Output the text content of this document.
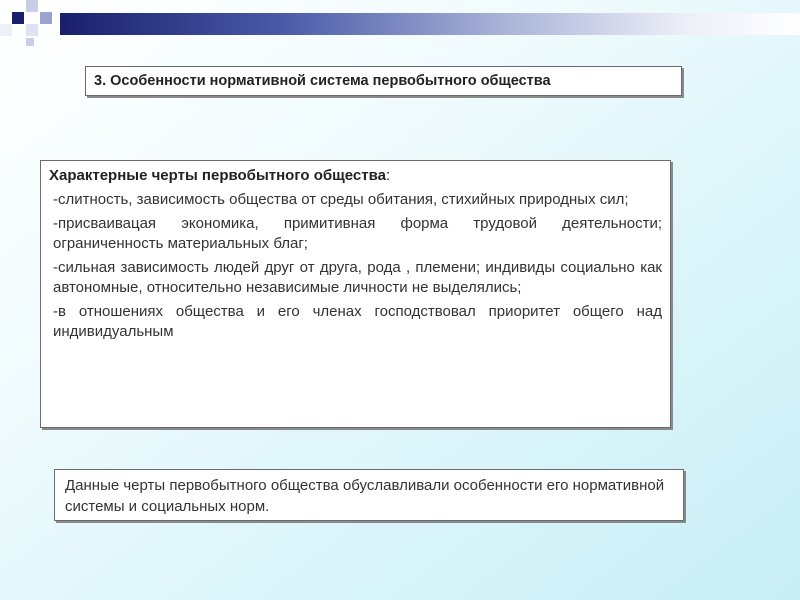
3. Особенности нормативной система первобытного общества

Характерные черты первобытного общества:

-слитность, зависимость общества от среды обитания, стихийных природных сил;

-присваивацая экономика, примитивная форма трудовой деятельности; ограниченность материальных благ;

-сильная зависимость людей друг от друга, рода , племени; индивиды социально как автономные, относительно независимые личности не выделялись;

-в отношениях общества и его членах господствовал приоритет общего над индивидуальным

Данные черты первобытного общества обуславливали особенности его нормативной системы и социальных норм.
